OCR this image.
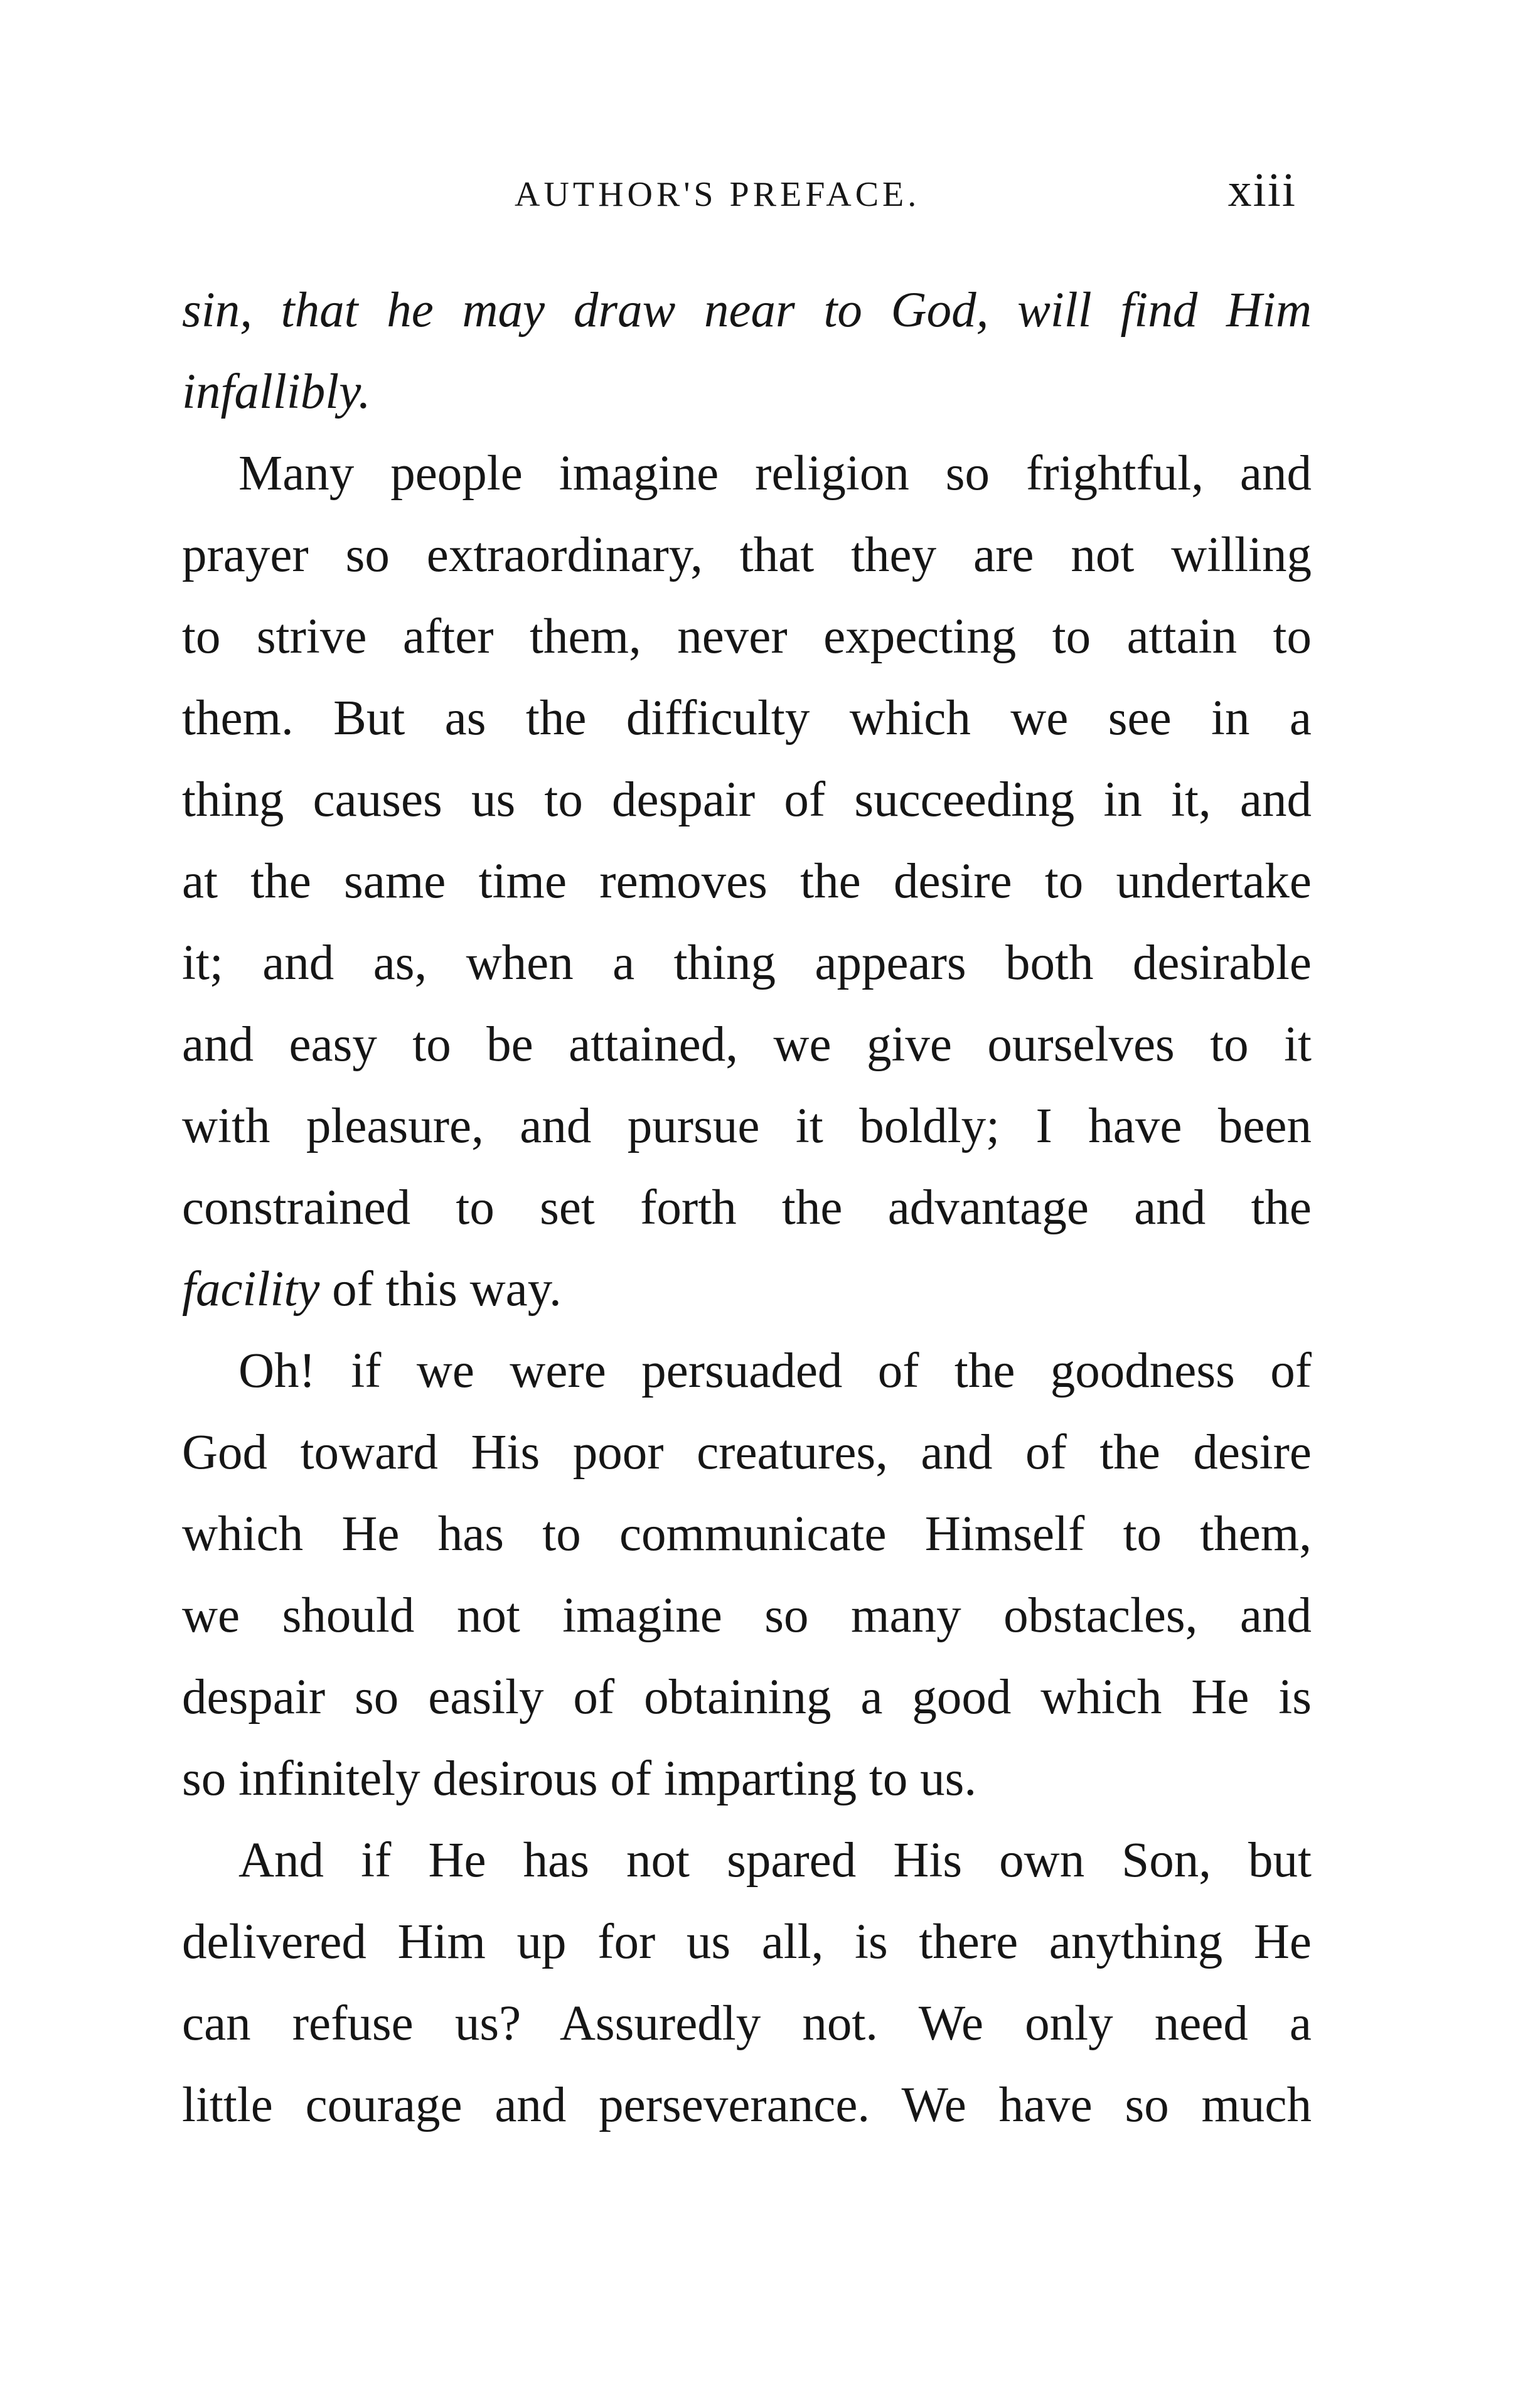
AUTHOR'S PREFACE.	xiii
sin, that he may draw near to God, will find Him
infallibly.
Many people imagine religion so frightful, and
prayer so extraordinary, that they are not willing
to strive after them, never expecting to attain to
them. But as the difficulty which we see in a
thing causes us to despair of succeeding in it, and
at the same time removes the desire to undertake
it; and as, when a thing appears both desirable
and easy to be attained, we give ourselves to it
with pleasure, and pursue it boldly; I have been
constrained to set forth the advantage and the
facility of this way.
Oh! if we were persuaded of the goodness of
God toward His poor creatures, and of the desire
which He has to communicate Himself to them,
we should not imagine so many obstacles, and
despair so easily of obtaining a good which He is
so infinitely desirous of imparting to us.
And if He has not spared His own Son, but
delivered Him up for us all, is there anything He
can refuse us? Assuredly not. We only need a
little courage and perseverance. We have so much
